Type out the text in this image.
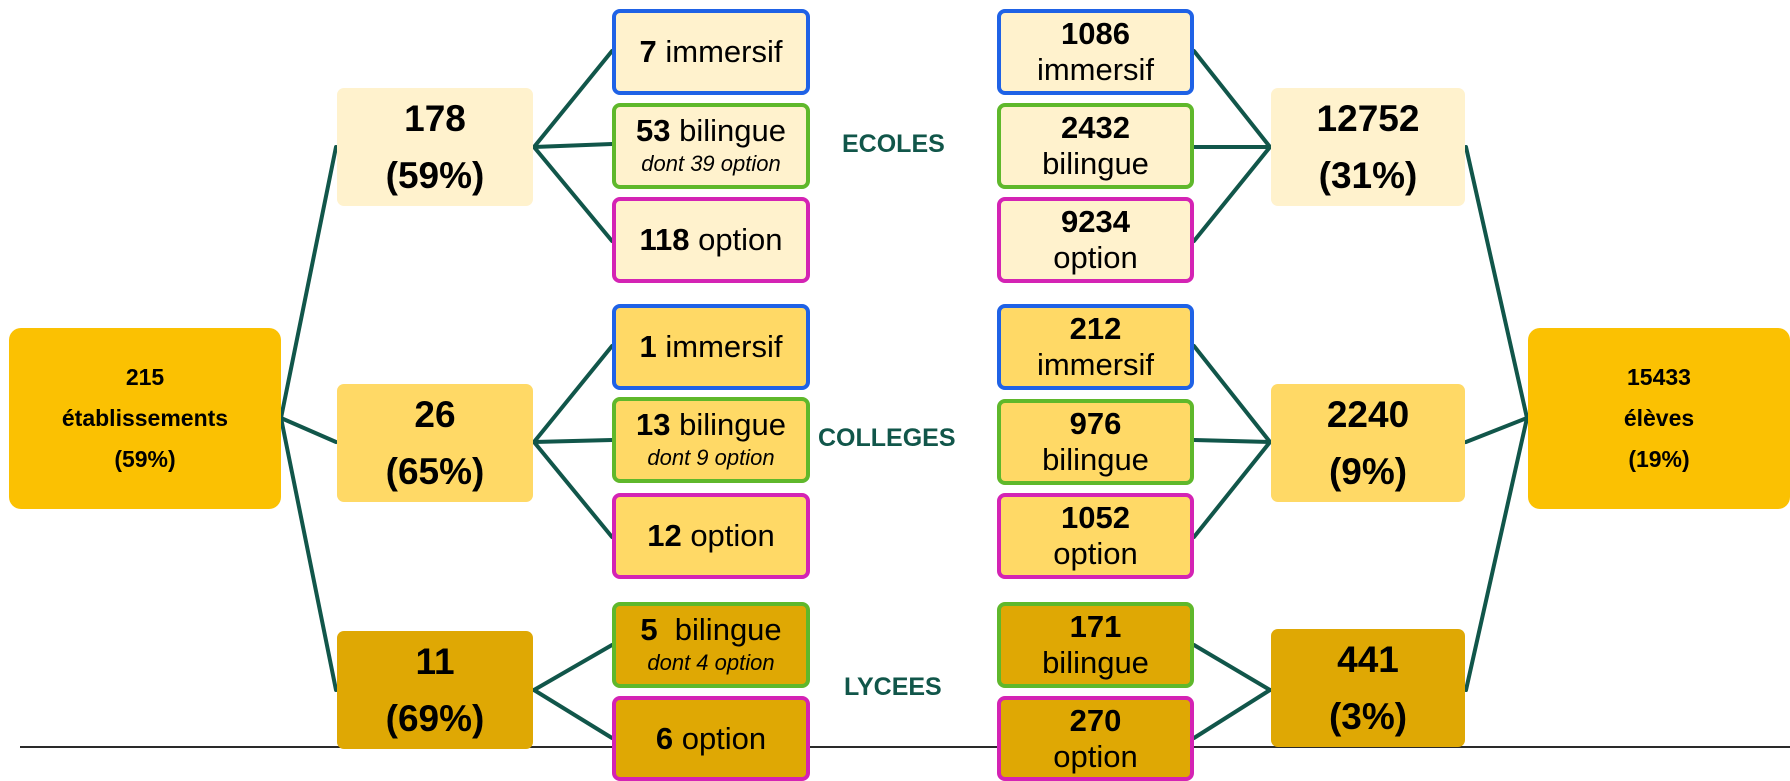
215
établissements
(59%)
178
(59%)
26
(65%)
11
(69%)
7 immersif
53 bilingue
dont 39 option
118 option
1 immersif
13 bilingue
dont 9 option
12 option
5 bilingue
dont 4 option
6 option
ECOLES
COLLEGES
LYCEES
1086
immersif
2432
bilingue
9234
option
212
immersif
976
bilingue
1052
option
171
bilingue
270
option
12752
(31%)
2240
(9%)
441
(3%)
15433
élèves
(19%)
